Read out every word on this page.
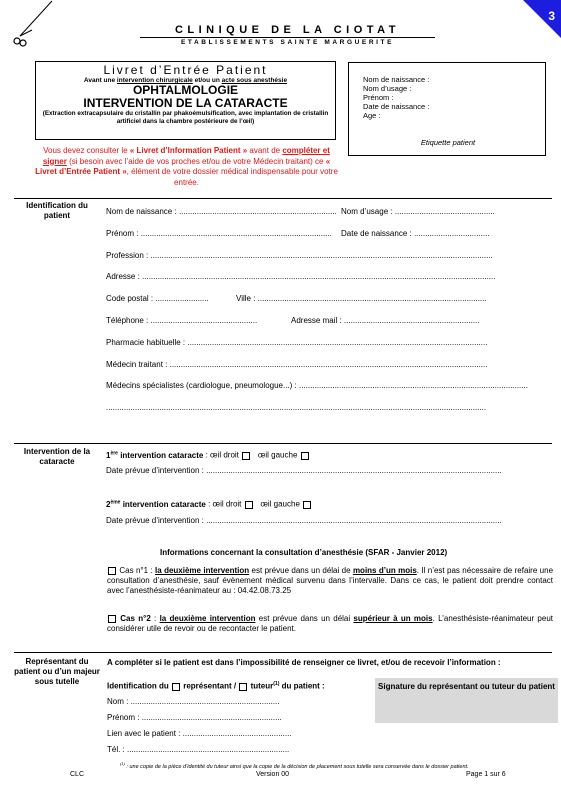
3
CLINIQUE DE LA CIOTAT
ETABLISSEMENTS SAINTE MARGUERITE
Livret d’Entrée Patient
Avant une intervention chirurgicale et/ou un acte sous anesthésie
OPHTALMOLOGIE
INTERVENTION DE LA CATARACTE
(Extraction extracapsulaire du cristallin par phakoémulsification, avec implantation de cristallin artificiel dans la chambre postérieure de l’œil)
Nom de naissance :
Nom d’usage :
Prénom :
Date de naissance :
Age :
Etiquette patient
Vous devez consulter le « Livret d’Information Patient » avant de compléter et signer (si besoin avec l’aide de vos proches et/ou de votre Médecin traitant) ce « Livret d’Entrée Patient », élément de votre dossier médical indispensable pour votre entrée.
Identification du patient	Nom de naissance : ....................................................................... Nom d’usage : .............................................
Prénom : ...................................................................................... Date de naissance : ..................................
Profession : ..........................................................................................................................................................
Adresse : ...............................................................................................................................................................
Code postal : ........................	Ville : .......................................................................................................
Téléphone : ................................................	Adresse mail : .............................................................
Pharmacie habituelle : .......................................................................................................................................
Médecin traitant : ...............................................................................................................................................
Médecins spécialistes (cardiologue, pneumologue...) : .......................................................................................................
...........................................................................................................................................................................
Intervention de la cataracte
1ère intervention cataracte : œil droit œil gauche
Date prévue d’intervention : .....................................................................................................................................
2ème intervention cataracte : œil droit œil gauche
Date prévue d’intervention : .....................................................................................................................................
Informations concernant la consultation d’anesthésie (SFAR - Janvier 2012)
Cas n°1 : la deuxième intervention est prévue dans un délai de moins d’un mois. Il n’est pas nécessaire de refaire une consultation d’anesthésie, sauf évènement médical survenu dans l’intervalle. Dans ce cas, le patient doit prendre contact avec l’anesthésiste-réanimateur au : 04.42.08.73.25
Cas n°2 : la deuxième intervention est prévue dans un délai supérieur à un mois. L’anesthésiste-réanimateur peut considérer utile de revoir ou de recontacter le patient.
Représentant du patient ou d’un majeur sous tutelle
A compléter si le patient est dans l’impossibilité de renseigner ce livret, et/ou de recevoir l’information :
Identification du  représentant /  tuteur$^{(1)}$ du patient :
Nom : ...................................................................
Prénom : ...............................................................
Lien avec le patient : .................................................
Tél. : .........................................................................
Signature du représentant ou tuteur du patient
$^{(1)}$ : une copie de la pièce d’identité du tuteur ainsi que la copie de la décision de placement sous tutelle sera conservée dans le dossier patient.
CLC	Version 00	Page 1 sur 6
